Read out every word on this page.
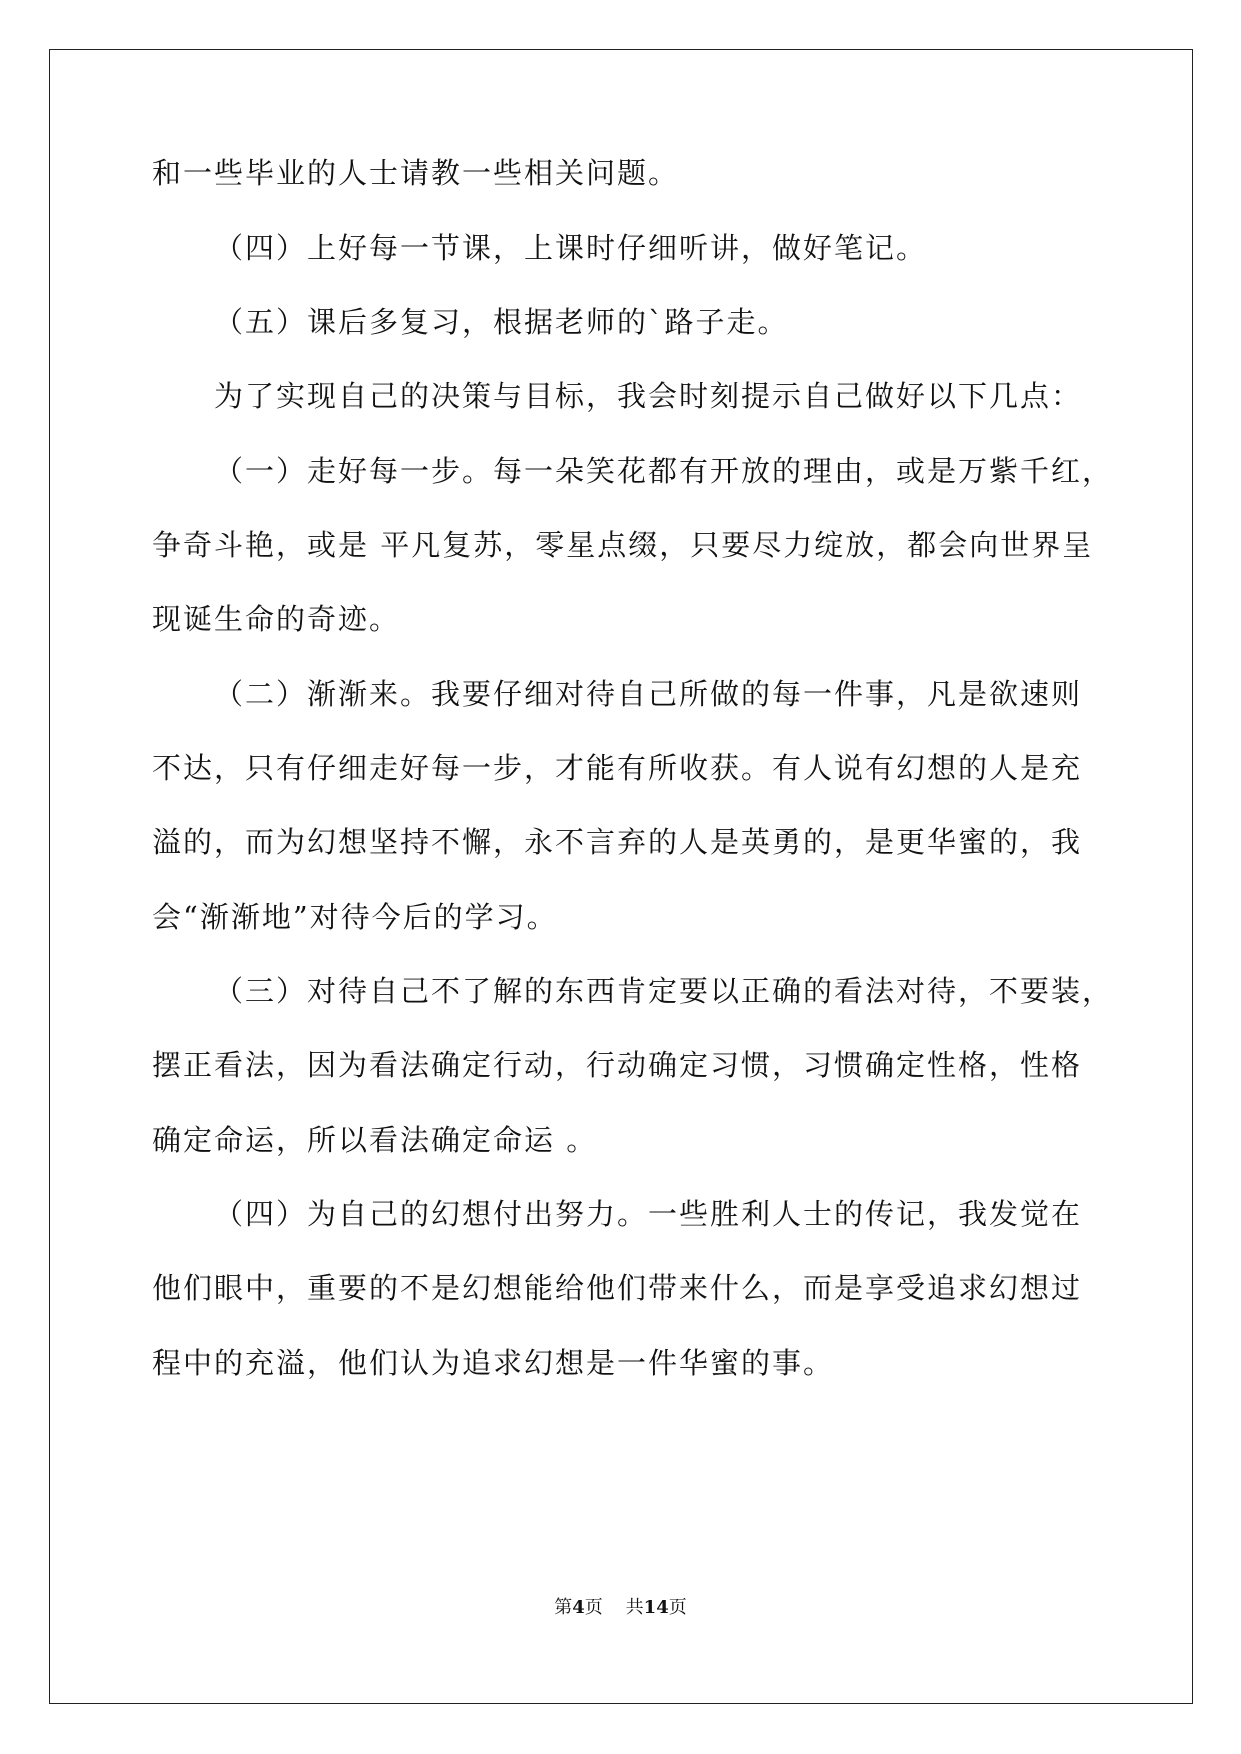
和一些毕业的人士请教一些相关问题。
（四）上好每一节课，上课时仔细听讲，做好笔记。
（五）课后多复习，根据老师的`路子走。
为了实现自己的决策与目标，我会时刻提示自己做好以下几点：
（一）走好每一步。每一朵笑花都有开放的理由，或是万紫千红，
争奇斗艳，或是 平凡复苏，零星点缀，只要尽力绽放，都会向世界呈
现诞生命的奇迹。
（二）渐渐来。我要仔细对待自己所做的每一件事，凡是欲速则
不达，只有仔细走好每一步，才能有所收获。有人说有幻想的人是充
溢的，而为幻想坚持不懈，永不言弃的人是英勇的，是更华蜜的，我
会“渐渐地”对待今后的学习。
（三）对待自己不了解的东西肯定要以正确的看法对待，不要装，
摆正看法，因为看法确定行动，行动确定习惯，习惯确定性格，性格
确定命运，所以看法确定命运 。
（四）为自己的幻想付出努力。一些胜利人士的传记，我发觉在
他们眼中，重要的不是幻想能给他们带来什么，而是享受追求幻想过
程中的充溢，他们认为追求幻想是一件华蜜的事。
第4页 共14页
